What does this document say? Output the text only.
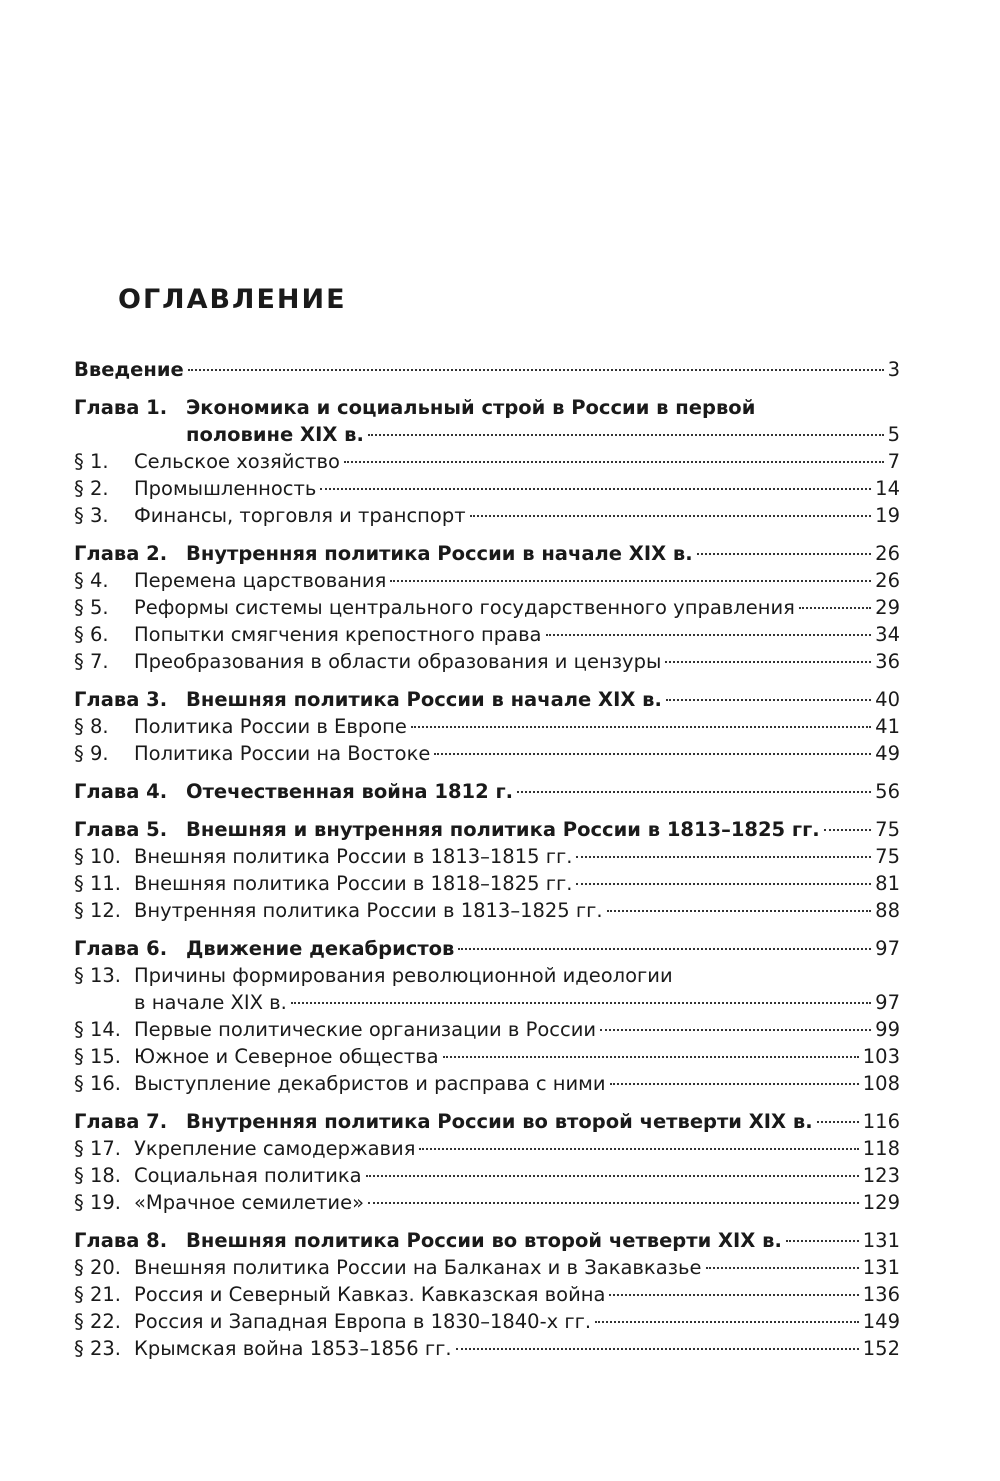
ОГЛАВЛЕНИЕ
Введение	3
Глава 1. Экономика и социальный строй в России в первой
половине XIX в.	5
§ 1.	Сельское хозяйство	7
§ 2.	Промышленность	14
§ 3.	Финансы, торговля и транспорт	19
Глава 2. Внутренняя политика России в начале XIX в.	26
§ 4.	Перемена царствования	26
§ 5.	Реформы системы центрального государственного управления	29
§ 6.	Попытки смягчения крепостного права	34
§ 7.	Преобразования в области образования и цензуры	36
Глава 3. Внешняя политика России в начале XIX в.	40
§ 8.	Политика России в Европе	41
§ 9.	Политика России на Востоке	49
Глава 4. Отечественная война 1812 г.	56
Глава 5. Внешняя и внутренняя политика России в 1813–1825 гг.	75
§ 10. Внешняя политика России в 1813–1815 гг.	75
§ 11. Внешняя политика России в 1818–1825 гг.	81
§ 12. Внутренняя политика России в 1813–1825 гг.	88
Глава 6. Движение декабристов	97
§ 13. Причины формирования революционной идеологии
в начале XIX в.	97
§ 14. Первые политические организации в России	99
§ 15. Южное и Северное общества	103
§ 16. Выступление декабристов и расправа с ними	108
Глава 7. Внутренняя политика России во второй четверти XIX в.	116
§ 17. Укрепление самодержавия	118
§ 18. Социальная политика	123
§ 19. «Мрачное семилетие»	129
Глава 8. Внешняя политика России во второй четверти XIX в.	131
§ 20. Внешняя политика России на Балканах и в Закавказье	131
§ 21. Россия и Северный Кавказ. Кавказская война	136
§ 22. Россия и Западная Европа в 1830–1840-х гг.	149
§ 23. Крымская война 1853–1856 гг.	152
